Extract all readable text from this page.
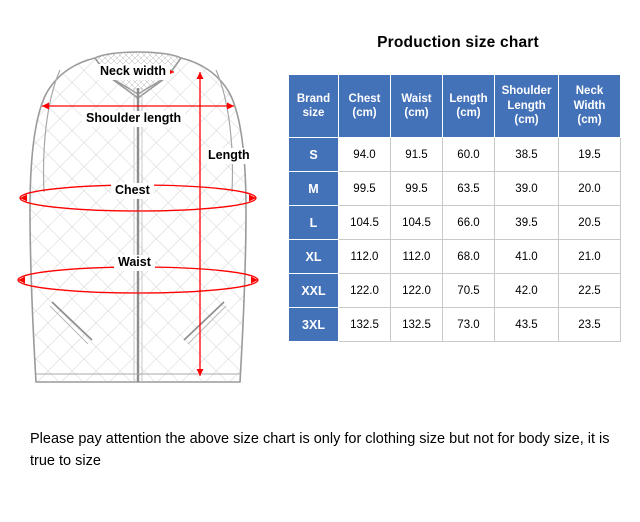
Neck width
Shoulder length
Length
Chest
Waist
Production size chart
Brand
size

Chest
(cm)

Waist
(cm)

Length
(cm)

Shoulder
Length
(cm)

Neck
Width
(cm)

S	94.0	91.5	60.0	38.5	19.5
M	99.5	99.5	63.5	39.0	20.0
L	104.5	104.5	66.0	39.5	20.5
XL	112.0	112.0	68.0	41.0	21.0
XXL	122.0	122.0	70.5	42.0	22.5
3XL	132.5	132.5	73.0	43.5	23.5
Please pay attention the above size chart is only for clothing size but not for body size, it is true to size
